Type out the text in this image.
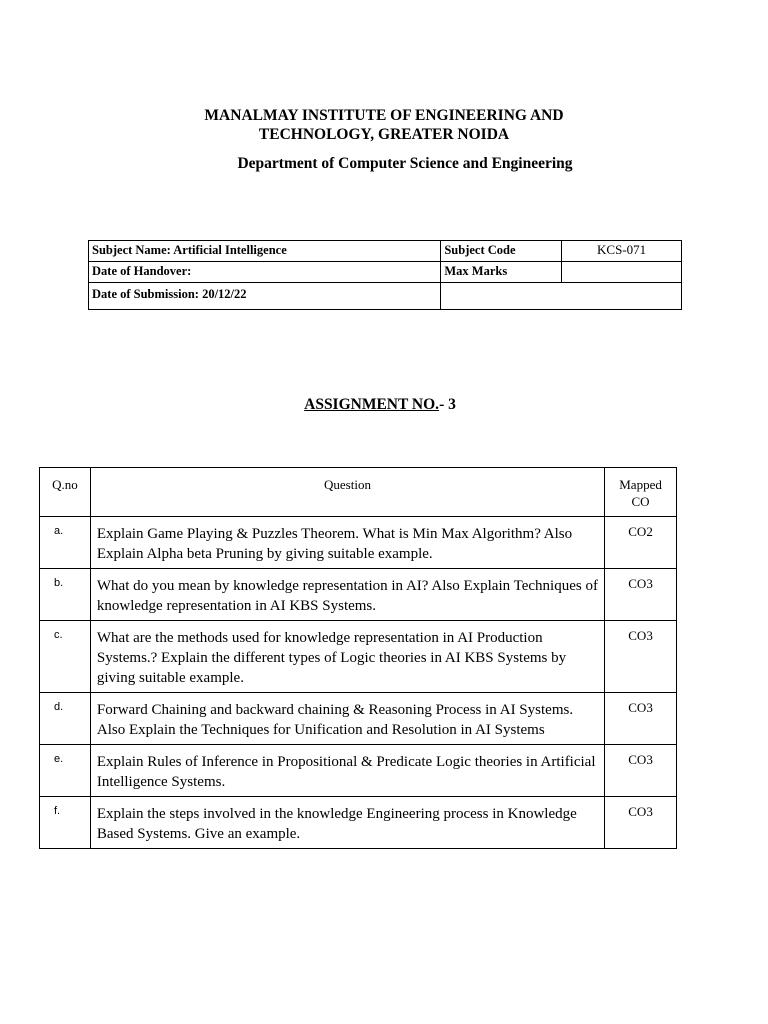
MANALMAY INSTITUTE OF ENGINEERING AND
TECHNOLOGY, GREATER NOIDA
Department of Computer Science and Engineering
Subject Name: Artificial Intelligence	Subject Code	KCS-071
Date of Handover:	Max Marks	
Date of Submission: 20/12/22		
ASSIGNMENT NO.- 3
Q.no	Question	Mapped
CO

a.	Explain Game Playing & Puzzles Theorem. What is Min Max Algorithm? Also Explain Alpha beta Pruning by giving suitable example.	CO2
b.	What do you mean by knowledge representation in AI? Also Explain Techniques of knowledge representation in AI KBS Systems.	CO3
c.	What are the methods used for knowledge representation in AI Production Systems.? Explain the different types of Logic theories in AI KBS Systems by giving suitable example.	CO3
d.	Forward Chaining and backward chaining & Reasoning Process in AI Systems. Also Explain the Techniques for Unification and Resolution in AI Systems	CO3
e.	Explain Rules of Inference in Propositional & Predicate Logic theories in Artificial Intelligence Systems.	CO3
f.	Explain the steps involved in the knowledge Engineering process in Knowledge Based Systems. Give an example.	CO3
